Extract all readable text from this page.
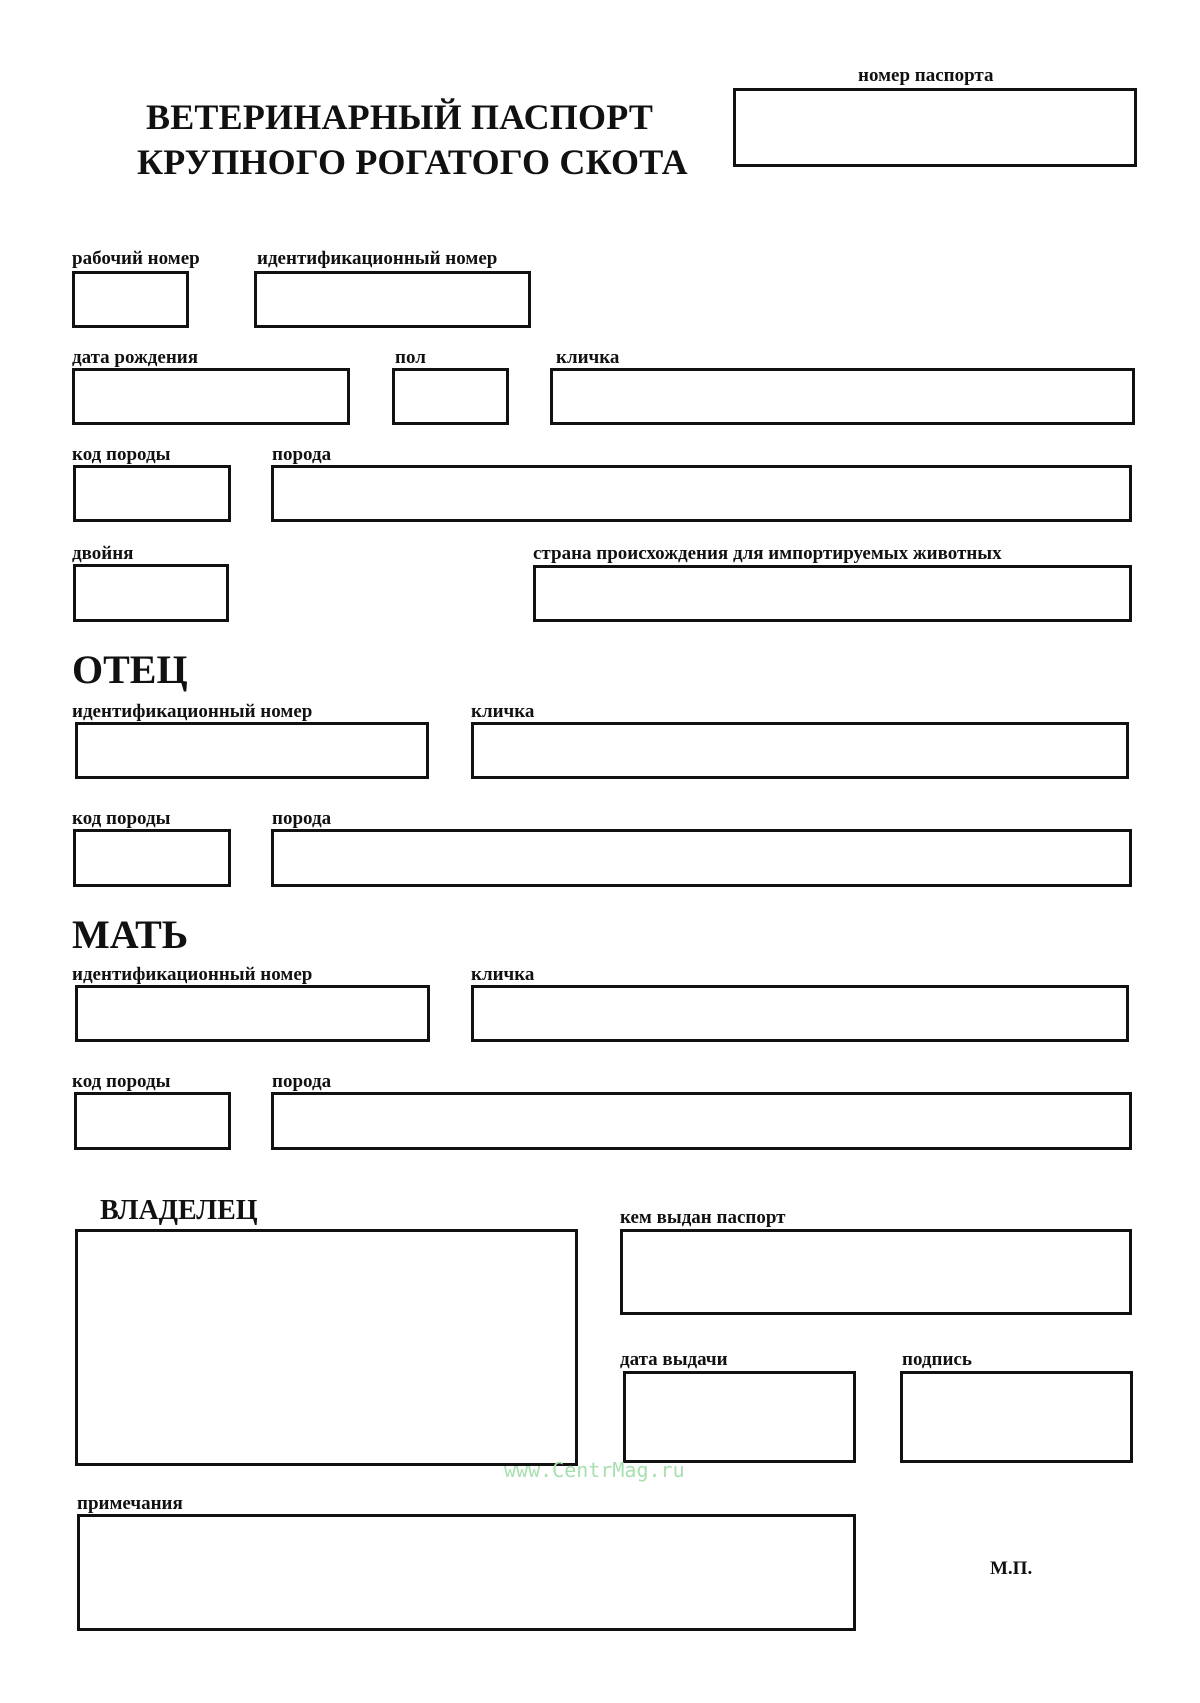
ВЕТЕРИНАРНЫЙ ПАСПОРТ
КРУПНОГО РОГАТОГО СКОТА
номер паспорта
рабочий номер	идентификационный номер
дата рождения	пол	кличка
код породы	порода
двойня	страна происхождения для импортируемых животных
ОТЕЦ
идентификационный номер	кличка
код породы	порода
МАТЬ
идентификационный номер	кличка
код породы	порода
ВЛАДЕЛЕЦ	кем выдан паспорт
дата выдачи	подпись
www.CentrMag.ru
примечания
М.П.
